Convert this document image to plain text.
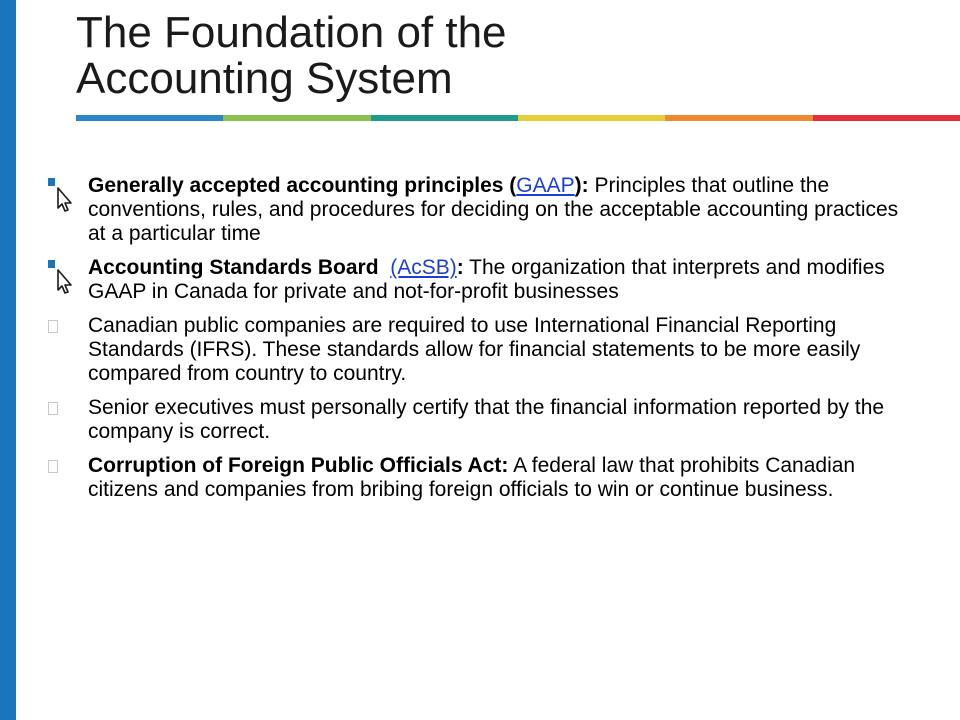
The Foundation of the
Accounting System
Generally accepted accounting principles (GAAP): Principles that outline the conventions, rules, and procedures for deciding on the acceptable accounting practices at a particular time
Accounting Standards Board  (AcSB): The organization that interprets and modifies GAAP in Canada for private and not-for-profit businesses
Canadian public companies are required to use International Financial Reporting Standards (IFRS). These standards allow for financial statements to be more easily compared from country to country.
Senior executives must personally certify that the financial information reported by the company is correct.
Corruption of Foreign Public Officials Act: A federal law that prohibits Canadian citizens and companies from bribing foreign officials to win or continue business.
